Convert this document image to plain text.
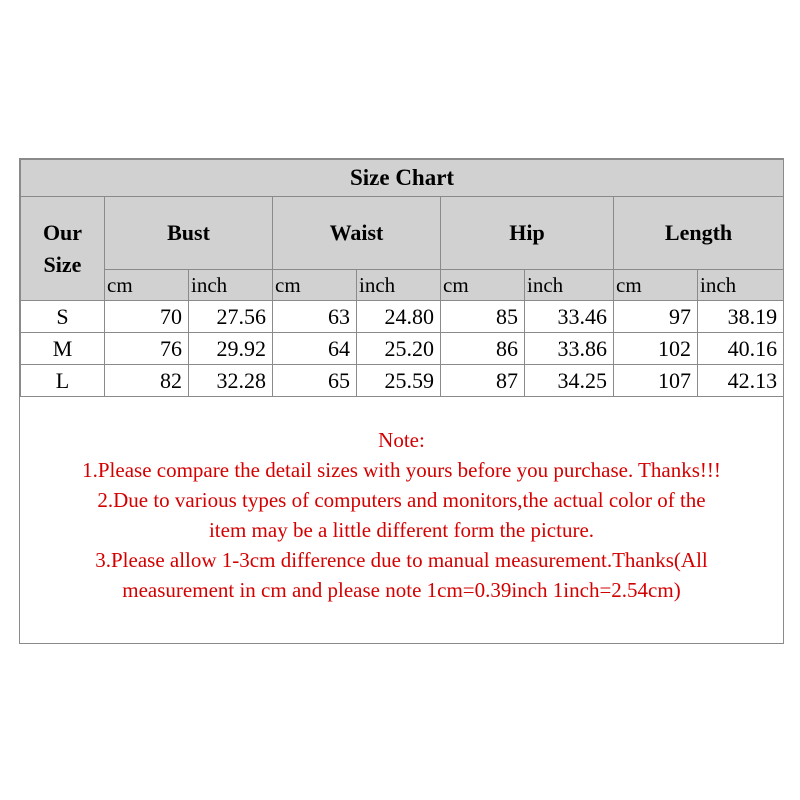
Size Chart								

Our
Size	Bust		Waist		Hip		Length	
	cm	inch	cm	inch	cm	inch	cm	inch
S	70	27.56	63	24.80	85	33.46	97	38.19
M	76	29.92	64	25.20	86	33.86	102	40.16
L	82	32.28	65	25.59	87	34.25	107	42.13
Note:
1.Please compare the detail sizes with yours before you purchase. Thanks!!!
2.Due to various types of computers and monitors,the actual color of the
item may be a little different form the picture.
3.Please allow 1-3cm difference due to manual measurement.Thanks(All
measurement in cm and please note 1cm=0.39inch 1inch=2.54cm)
